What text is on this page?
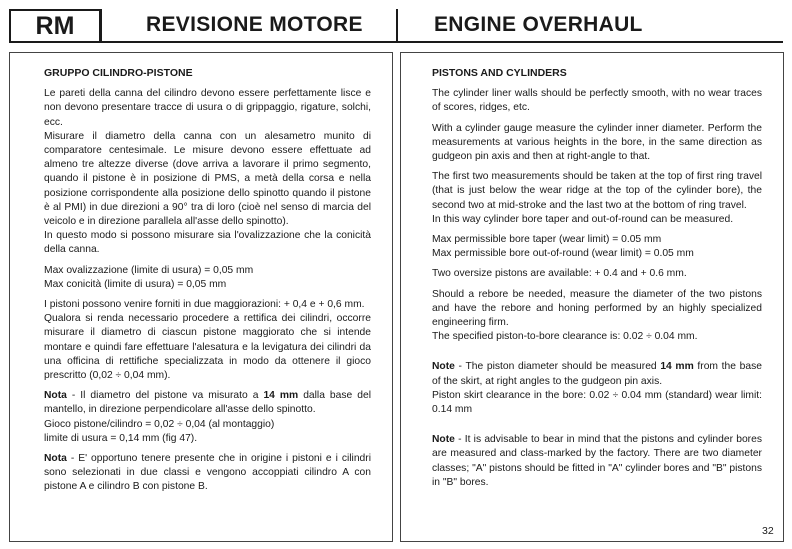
RM	REVISIONE MOTORE	ENGINE OVERHAUL
GRUPPO CILINDRO-PISTONE

Le pareti della canna del cilindro devono essere perfettamente lisce e non devono presentare tracce di usura o di grippaggio, rigature, solchi, ecc.

Misurare il diametro della canna con un alesametro munito di comparatore centesimale. Le misure devono essere effettuate ad almeno tre altezze diverse (dove arriva a lavorare il primo segmento, quando il pistone è in posizione di PMS, a metà della corsa e nella posizione corrispondente alla posizione dello spinotto quando il pistone è al PMI) in due direzioni a 90° tra di loro (cioè nel senso di marcia del veicolo e in direzione parallela all'asse dello spinotto).

In questo modo si possono misurare sia l'ovalizzazione che la conicità della canna.

Max ovalizzazione (limite di usura) = 0,05 mm
Max conicità (limite di usura) = 0,05 mm

I pistoni possono venire forniti in due maggiorazioni: + 0,4 e + 0,6 mm.

Qualora si renda necessario procedere a rettifica dei cilindri, occorre misurare il diametro di ciascun pistone maggiorato che si intende montare e quindi fare effettuare l'alesatura e la levigatura dei cilindri da una officina di rettifiche specializzata in modo da ottenere il gioco prescritto (0,02 ÷ 0,04 mm).

Nota - Il diametro del pistone va misurato a 14 mm dalla base del mantello, in direzione perpendicolare all'asse dello spinotto.

Gioco pistone/cilindro = 0,02 ÷ 0,04 (al montaggio)
limite di usura = 0,14 mm (fig 47).

Nota - E' opportuno tenere presente che in origine i pistoni e i cilindri sono selezionati in due classi e vengono accoppiati cilindro A con pistone A e cilindro B con pistone B.

PISTONS AND CYLINDERS

The cylinder liner walls should be perfectly smooth, with no wear traces of scores, ridges, etc.

With a cylinder gauge measure the cylinder inner diameter. Perform the measurements at various heights in the bore, in the same direction as gudgeon pin axis and then at right-angle to that.

The first two measurements should be taken at the top of first ring travel (that is just below the wear ridge at the top of the cylinder bore), the second two at mid-stroke and the last two at the bottom of ring travel.

In this way cylinder bore taper and out-of-round can be measured.

Max permissible bore taper (wear limit) = 0.05 mm
Max permissible bore out-of-round (wear limit) = 0.05 mm

Two oversize pistons are available: + 0.4 and + 0.6 mm.

Should a rebore be needed, measure the diameter of the two pistons and have the rebore and honing performed by an highly specialized engineering firm.

The specified piston-to-bore clearance is: 0.02 ÷ 0.04 mm.

Note - The piston diameter should be measured 14 mm from the base of the skirt, at right angles to the gudgeon pin axis.

Piston skirt clearance in the bore: 0.02 ÷ 0.04 mm (standard) wear limit: 0.14 mm

Note - It is advisable to bear in mind that the pistons and cylinder bores are measured and class-marked by the factory. There are two diameter classes; "A" pistons should be fitted in "A" cylinder bores and "B" pistons in "B" bores.

32
